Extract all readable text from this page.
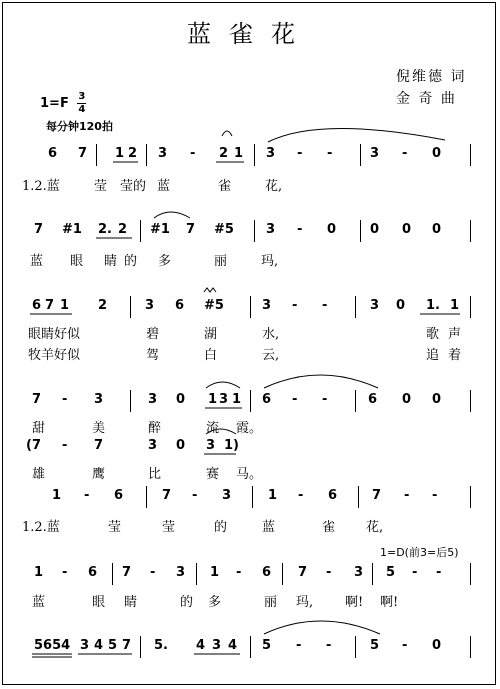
蓝雀花
倪维德 词
金 奇 曲
$1=F \frac{3}{4}$
每分钟120拍
6 7 1 2 3 - 2 1 3 - -	3 - 0
1.2.蓝	莹 莹的 蓝	雀	花,
7 #1 2. 2 #1 7 #5 3 - 0	0 0 0
蓝 眼 睛 的 多	丽	玛,
6 7 1 2	3 6 #5	3 - -	3 0 1. 1
眼睛好似	碧	湖	水,	歌 声
牧羊好似	驾	白	云,	追 着
7 - 3	3 0 1 3 1 6 - -	6 0 0
甜	美	醉	流 霞。
(7 - 7	3 0 3 1)
雄	鹰	比	赛 马。
1 - 6	7 - 3	1 - 6	7 - -
1.2.蓝	莹	莹	的	蓝	雀 花,
1=D(前3=后5)
1 - 6 7 - 3 1 - 6 7 - 3 5 - -
蓝	眼 睛	的 多	丽 玛, 啊! 啊!
5654 3 4 5 7 5. 4 3 4 5 - -	5 - 0
